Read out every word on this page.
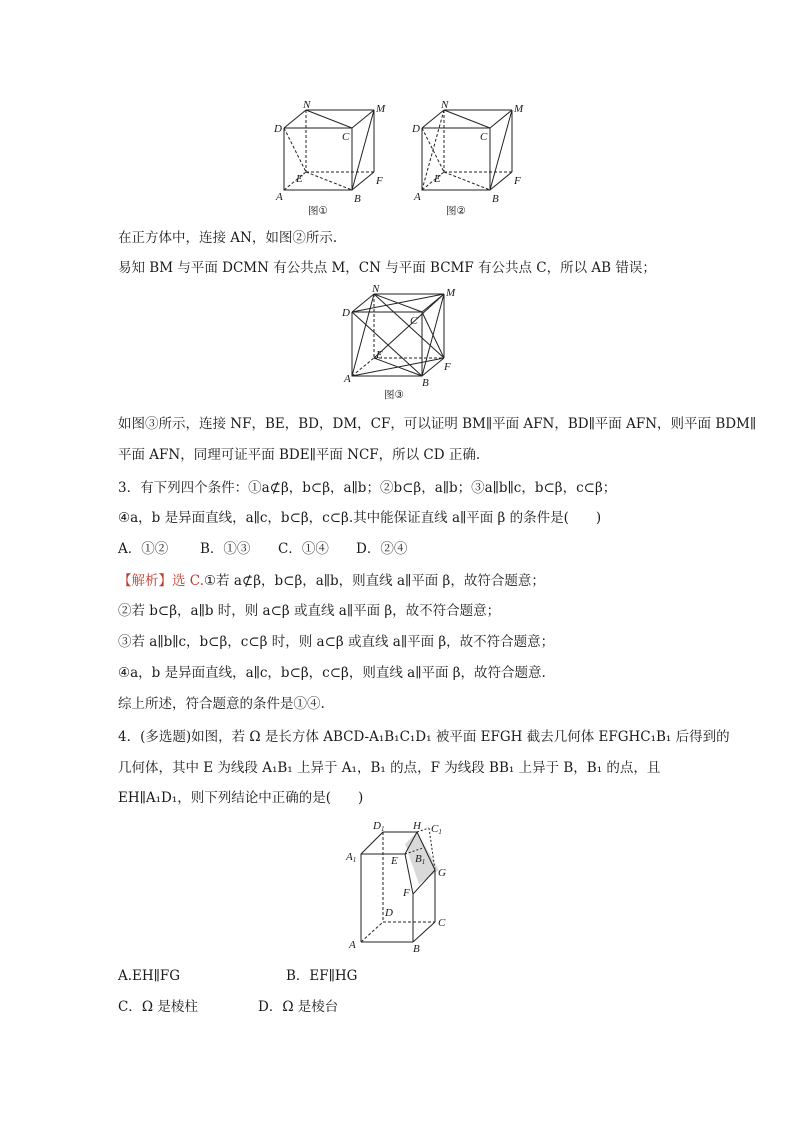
N	M
D
C
E	F
A	B
图①
N	M
D
C
E	F
A	B
图②
在正方体中，连接 AN，如图②所示.
易知 BM 与平面 DCMN 有公共点 M，CN 与平面 BCMF 有公共点 C，所以 AB 错误；
N	M
D
C
E
F
A	B
图③
如图③所示，连接 NF，BE，BD，DM，CF，可以证明 BM∥平面 AFN，BD∥平面 AFN，则平面 BDM∥
平面 AFN，同理可证平面 BDE∥平面 NCF，所以 CD 正确.
3．有下列四个条件：①a⊄β，b⊂β，a∥b；②b⊂β，a∥b；③a∥b∥c，b⊂β，c⊂β；
④a，b 是异面直线，a∥c，b⊂β，c⊂β.其中能保证直线 a∥平面 β 的条件是(　　)
A．①② B．①③ C．①④ D．②④
【解析】选 C.①若 a⊄β，b⊂β，a∥b，则直线 a∥平面 β，故符合题意；
②若 b⊂β，a∥b 时，则 a⊂β 或直线 a∥平面 β，故不符合题意；
③若 a∥b∥c，b⊂β，c⊂β 时，则 a⊂β 或直线 a∥平面 β，故不符合题意；
④a，b 是异面直线，a∥c，b⊂β，c⊂β，则直线 a∥平面 β，故符合题意.
综上所述，符合题意的条件是①④.
4．(多选题)如图，若 Ω 是长方体 ABCD-A₁B₁C₁D₁ 被平面 EFGH 截去几何体 EFGHC₁B₁ 后得到的
几何体，其中 E 为线段 A₁B₁ 上异于 A₁，B₁ 的点，F 为线段 BB₁ 上异于 B，B₁ 的点，且
EH∥A₁D₁，则下列结论中正确的是(　　)
D1
A1
H C1
E B1
G
F
D
C
A	B
A.EH∥FG	B．EF∥HG
C．Ω 是棱柱	D．Ω 是棱台
